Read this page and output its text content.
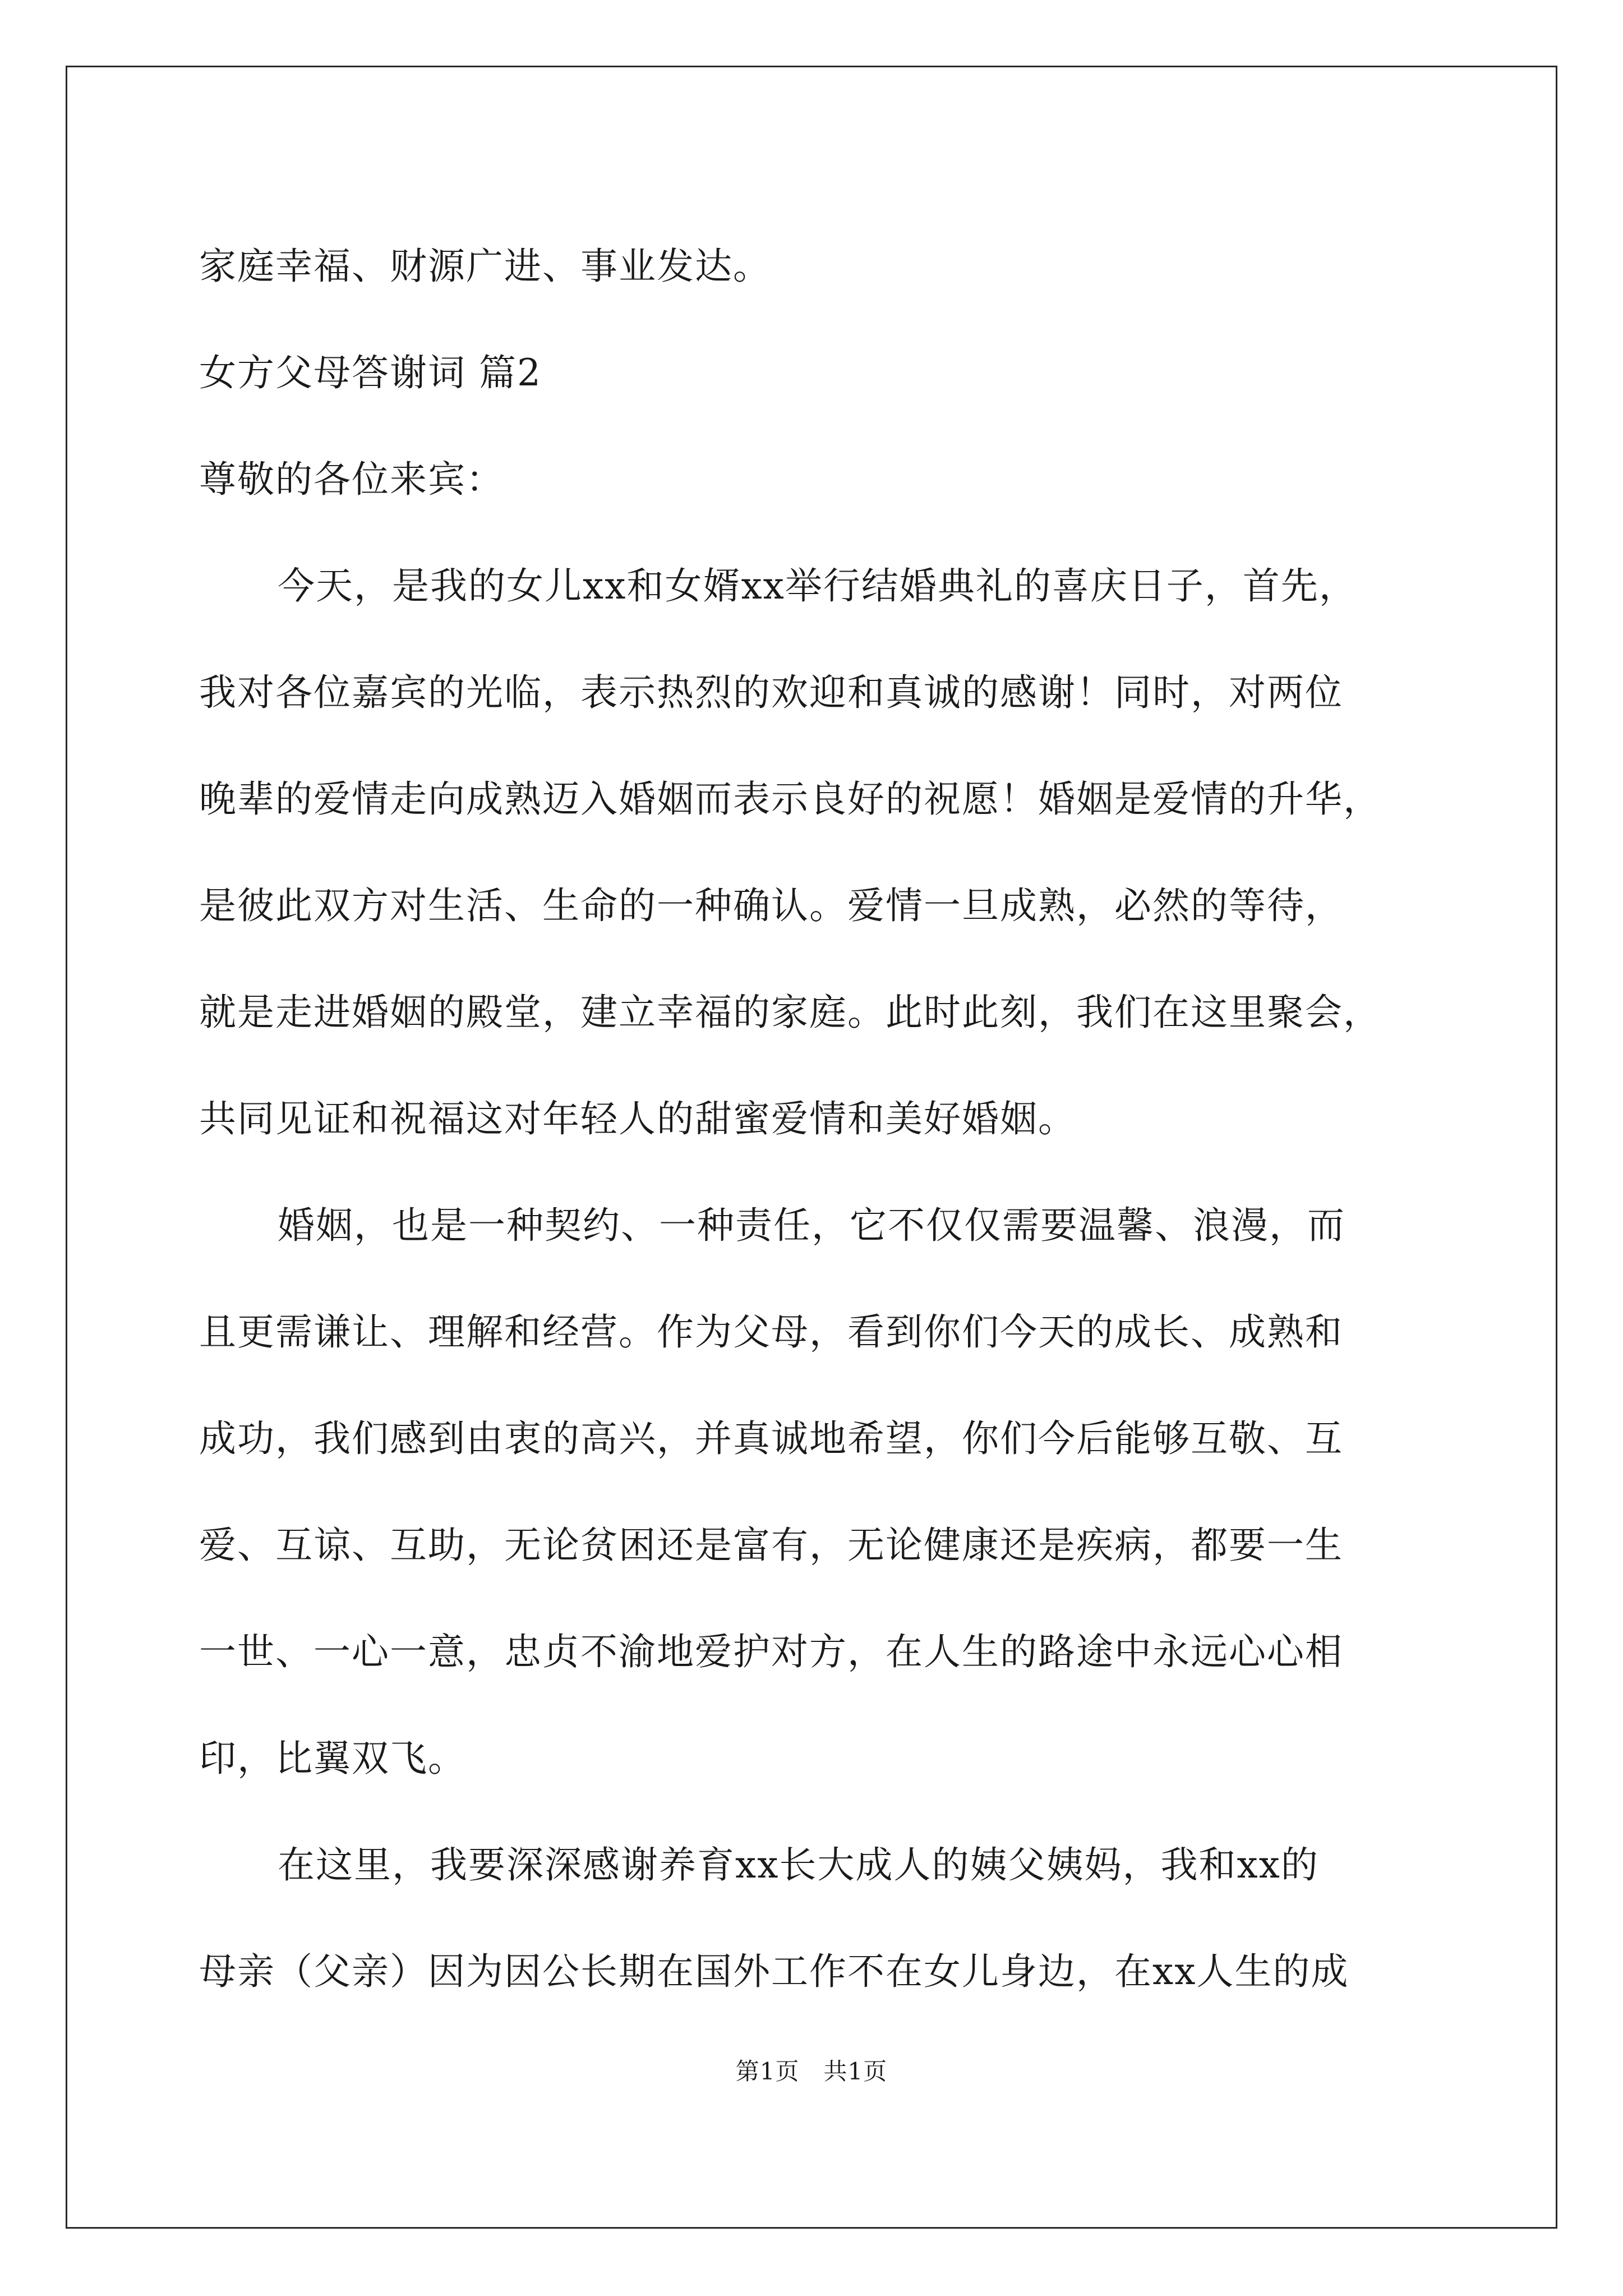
家庭幸福、财源广进、事业发达。
女方父母答谢词 篇2
尊敬的各位来宾：
今天，是我的女儿xx和女婿xx举行结婚典礼的喜庆日子，首先，
我对各位嘉宾的光临，表示热烈的欢迎和真诚的感谢！同时，对两位
晚辈的爱情走向成熟迈入婚姻而表示良好的祝愿！婚姻是爱情的升华，
是彼此双方对生活、生命的一种确认。爱情一旦成熟，必然的等待，
就是走进婚姻的殿堂，建立幸福的家庭。此时此刻，我们在这里聚会，
共同见证和祝福这对年轻人的甜蜜爱情和美好婚姻。
婚姻，也是一种契约、一种责任，它不仅仅需要温馨、浪漫，而
且更需谦让、理解和经营。作为父母，看到你们今天的成长、成熟和
成功，我们感到由衷的高兴，并真诚地希望，你们今后能够互敬、互
爱、互谅、互助，无论贫困还是富有，无论健康还是疾病，都要一生
一世、一心一意，忠贞不渝地爱护对方，在人生的路途中永远心心相
印，比翼双飞。
在这里，我要深深感谢养育xx长大成人的姨父姨妈，我和xx的
母亲（父亲）因为因公长期在国外工作不在女儿身边，在xx人生的成
第1页　共1页
